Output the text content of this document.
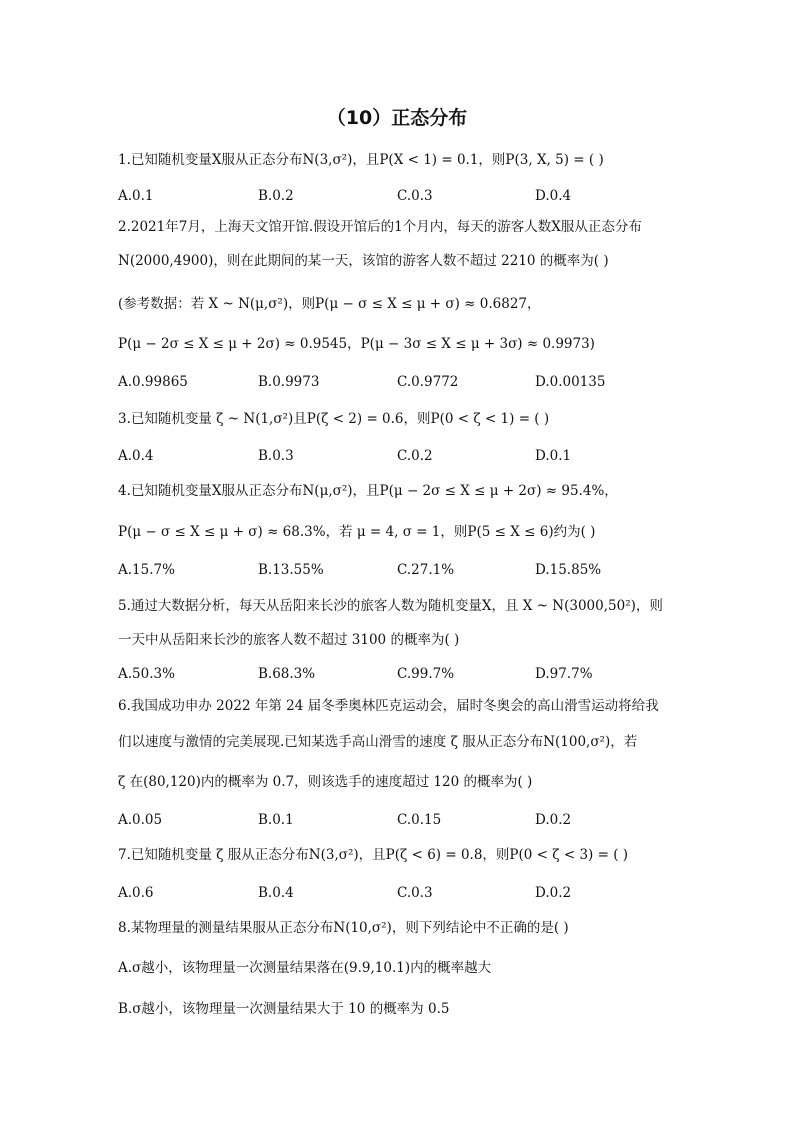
（10）正态分布
1.已知随机变量X服从正态分布N(3,σ²)，且P(X < 1) = 0.1，则P(3, X, 5) = ( )
A.0.1	B.0.2	C.0.3	D.0.4
2.2021年7月，上海天文馆开馆.假设开馆后的1个月内，每天的游客人数X服从正态分布
N(2000,4900)，则在此期间的某一天，该馆的游客人数不超过 2210 的概率为( )
(参考数据：若 X ~ N(μ,σ²)，则P(μ − σ ≤ X ≤ μ + σ) ≈ 0.6827，
P(μ − 2σ ≤ X ≤ μ + 2σ) ≈ 0.9545，P(μ − 3σ ≤ X ≤ μ + 3σ) ≈ 0.9973)
A.0.99865	B.0.9973	C.0.9772	D.0.00135
3.已知随机变量 ζ ~ N(1,σ²)且P(ζ < 2) = 0.6，则P(0 < ζ < 1) = ( )
A.0.4	B.0.3	C.0.2	D.0.1
4.已知随机变量X服从正态分布N(μ,σ²)，且P(μ − 2σ ≤ X ≤ μ + 2σ) ≈ 95.4%，
P(μ − σ ≤ X ≤ μ + σ) ≈ 68.3%，若 μ = 4, σ = 1，则P(5 ≤ X ≤ 6)约为( )
A.15.7%	B.13.55%	C.27.1%	D.15.85%
5.通过大数据分析，每天从岳阳来长沙的旅客人数为随机变量X，且 X ~ N(3000,50²)，则
一天中从岳阳来长沙的旅客人数不超过 3100 的概率为( )
A.50.3%	B.68.3%	C.99.7%	D.97.7%
6.我国成功申办 2022 年第 24 届冬季奥林匹克运动会，届时冬奥会的高山滑雪运动将给我
们以速度与激情的完美展现.已知某选手高山滑雪的速度 ζ 服从正态分布N(100,σ²)，若
ζ 在(80,120)内的概率为 0.7，则该选手的速度超过 120 的概率为( )
A.0.05	B.0.1	C.0.15	D.0.2
7.已知随机变量 ζ 服从正态分布N(3,σ²)，且P(ζ < 6) = 0.8，则P(0 < ζ < 3) = ( )
A.0.6	B.0.4	C.0.3	D.0.2
8.某物理量的测量结果服从正态分布N(10,σ²)，则下列结论中不正确的是( )
A.σ越小，该物理量一次测量结果落在(9.9,10.1)内的概率越大
B.σ越小，该物理量一次测量结果大于 10 的概率为 0.5
